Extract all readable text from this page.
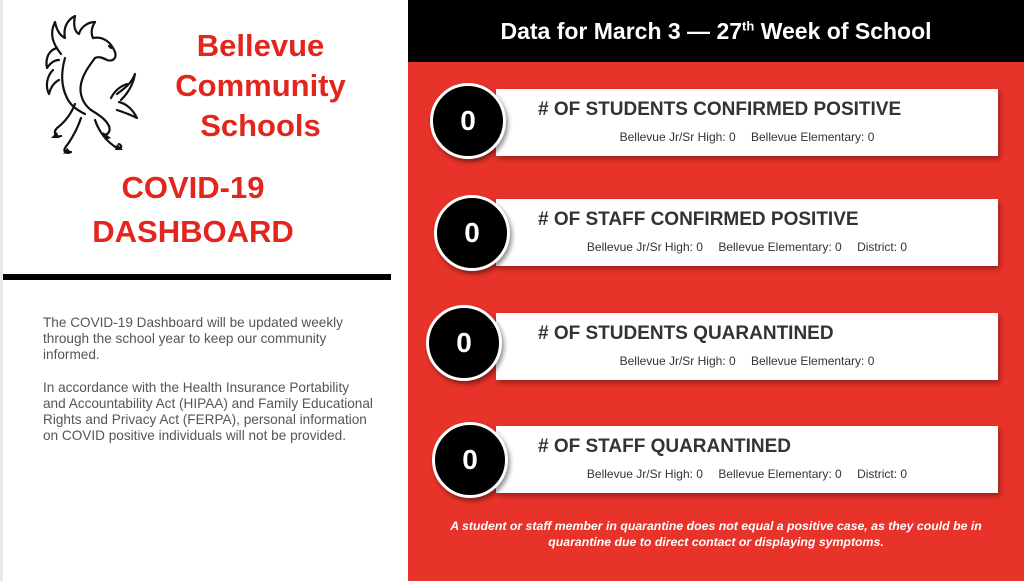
Bellevue
Community
Schools
COVID-19
DASHBOARD

The COVID-19 Dashboard will be updated weekly through the school year to keep our community informed.

In accordance with the Health Insurance Portability and Accountability Act (HIPAA) and Family Educational Rights and Privacy Act (FERPA), personal information on COVID positive individuals will not be provided.

Data for March 3 — 27th Week of School
# OF STUDENTS CONFIRMED POSITIVE
Bellevue Jr/Sr High: 0 Bellevue Elementary: 0
0
# OF STAFF CONFIRMED POSITIVE
Bellevue Jr/Sr High: 0 Bellevue Elementary: 0 District: 0
0
# OF STUDENTS QUARANTINED
Bellevue Jr/Sr High: 0 Bellevue Elementary: 0
0
# OF STAFF QUARANTINED
Bellevue Jr/Sr High: 0 Bellevue Elementary: 0 District: 0
0
A student or staff member in quarantine does not equal a positive case, as they could be in quarantine due to direct contact or displaying symptoms.
